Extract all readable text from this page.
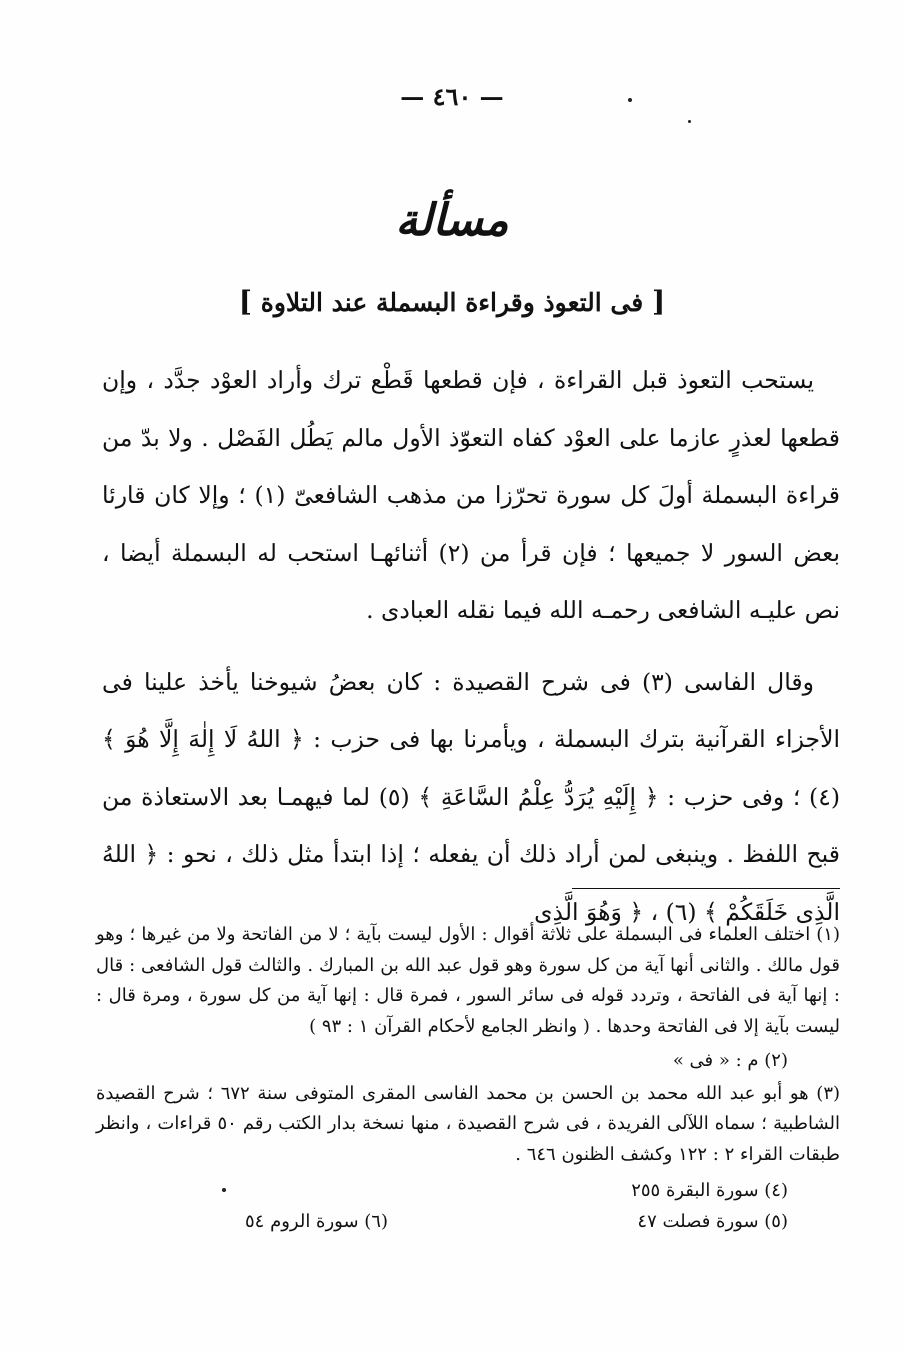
— ٤٦٠ —
مسألة
[ فى التعوذ وقراءة البسملة عند التلاوة ]

يستحب التعوذ قبل القراءة ، فإن قطعها قَطْع ترك وأراد العوْد جدَّد ، وإن قطعها لعذرٍ عازما على العوْد كفاه التعوّذ الأول مالم يَطُل الفَصْل . ولا بدّ من قراءة البسملة أولَ كل سورة تحرّزا من مذهب الشافعىّ (١) ؛ وإلا كان قارئا بعض السور لا جميعها ؛ فإن قرأ من (٢) أثنائهـا استحب له البسملة أيضا ، نص عليـه الشافعى رحمـه الله فيما نقله العبادى .

وقال الفاسى (٣) فى شرح القصيدة : كان بعضُ شيوخنا يأخذ علينا فى الأجزاء القرآنية بترك البسملة ، ويأمرنا بها فى حزب : ﴿ اللهُ لَا إِلٰهَ إِلَّا هُوَ ﴾ (٤) ؛ وفى حزب : ﴿ إِلَيْهِ يُرَدُّ عِلْمُ السَّاعَةِ ﴾ (٥) لما فيهمـا بعد الاستعاذة من قبح اللفظ . وينبغى لمن أراد ذلك أن يفعله ؛ إذا ابتدأ مثل ذلك ، نحو : ﴿ اللهُ الَّذِى خَلَقَكُمْ ﴾ (٦) ، ﴿ وَهُوَ الَّذِى

(١) اختلف العلماء فى البسملة على ثلاثة أقوال : الأول ليست بآية ؛ لا من الفاتحة ولا من غيرها ؛ وهو قول مالك . والثانى أنها آية من كل سورة وهو قول عبد الله بن المبارك . والثالث قول الشافعى : قال : إنها آية فى الفاتحة ، وتردد قوله فى سائر السور ، فمرة قال : إنها آية من كل سورة ، ومرة قال : ليست بآية إلا فى الفاتحة وحدها . ( وانظر الجامع لأحكام القرآن ١ : ٩٣ )

(٢) م : « فى »

(٣) هو أبو عبد الله محمد بن الحسن بن محمد الفاسى المقرى المتوفى سنة ٦٧٢ ؛ شرح القصيدة الشاطبية ؛ سماه اللآلى الفريدة ، فى شرح القصيدة ، منها نسخة بدار الكتب رقم ٥٠ قراءات ، وانظر طبقات القراء ٢ : ١٢٢ وكشف الظنون ٦٤٦ .

(٤) سورة البقرة ٢٥٥
(٥) سورة فصلت ٤٧
(٦) سورة الروم ٥٤
